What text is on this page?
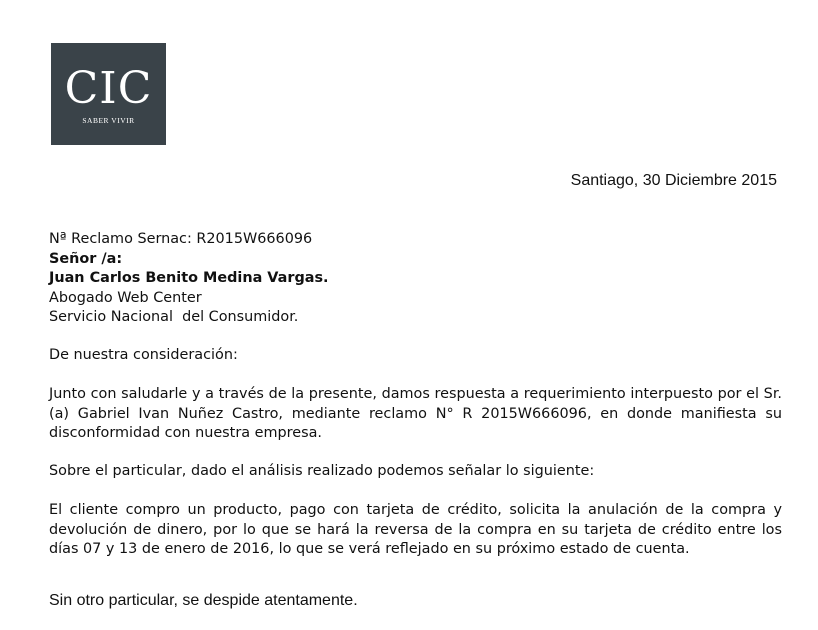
CIC
SABER VIVIR
Santiago, 30 Diciembre 2015
Nª Reclamo Sernac: R2015W666096
Señor /a:
Juan Carlos Benito Medina Vargas.
Abogado Web Center
Servicio Nacional  del Consumidor.
De nuestra consideración:
Junto con saludarle y a través de la presente, damos respuesta a requerimiento interpuesto por el Sr. (a) Gabriel Ivan Nuñez Castro, mediante reclamo N° R 2015W666096, en donde manifiesta su disconformidad con nuestra empresa.
Sobre el particular, dado el análisis realizado podemos señalar lo siguiente:
El cliente compro un producto, pago con tarjeta de crédito, solicita la anulación de la compra y devolución de dinero, por lo que se hará la reversa de la compra en su tarjeta de crédito entre los días 07 y 13 de enero de 2016, lo que se verá reflejado en su próximo estado de cuenta.
Sin otro particular, se despide atentamente.
